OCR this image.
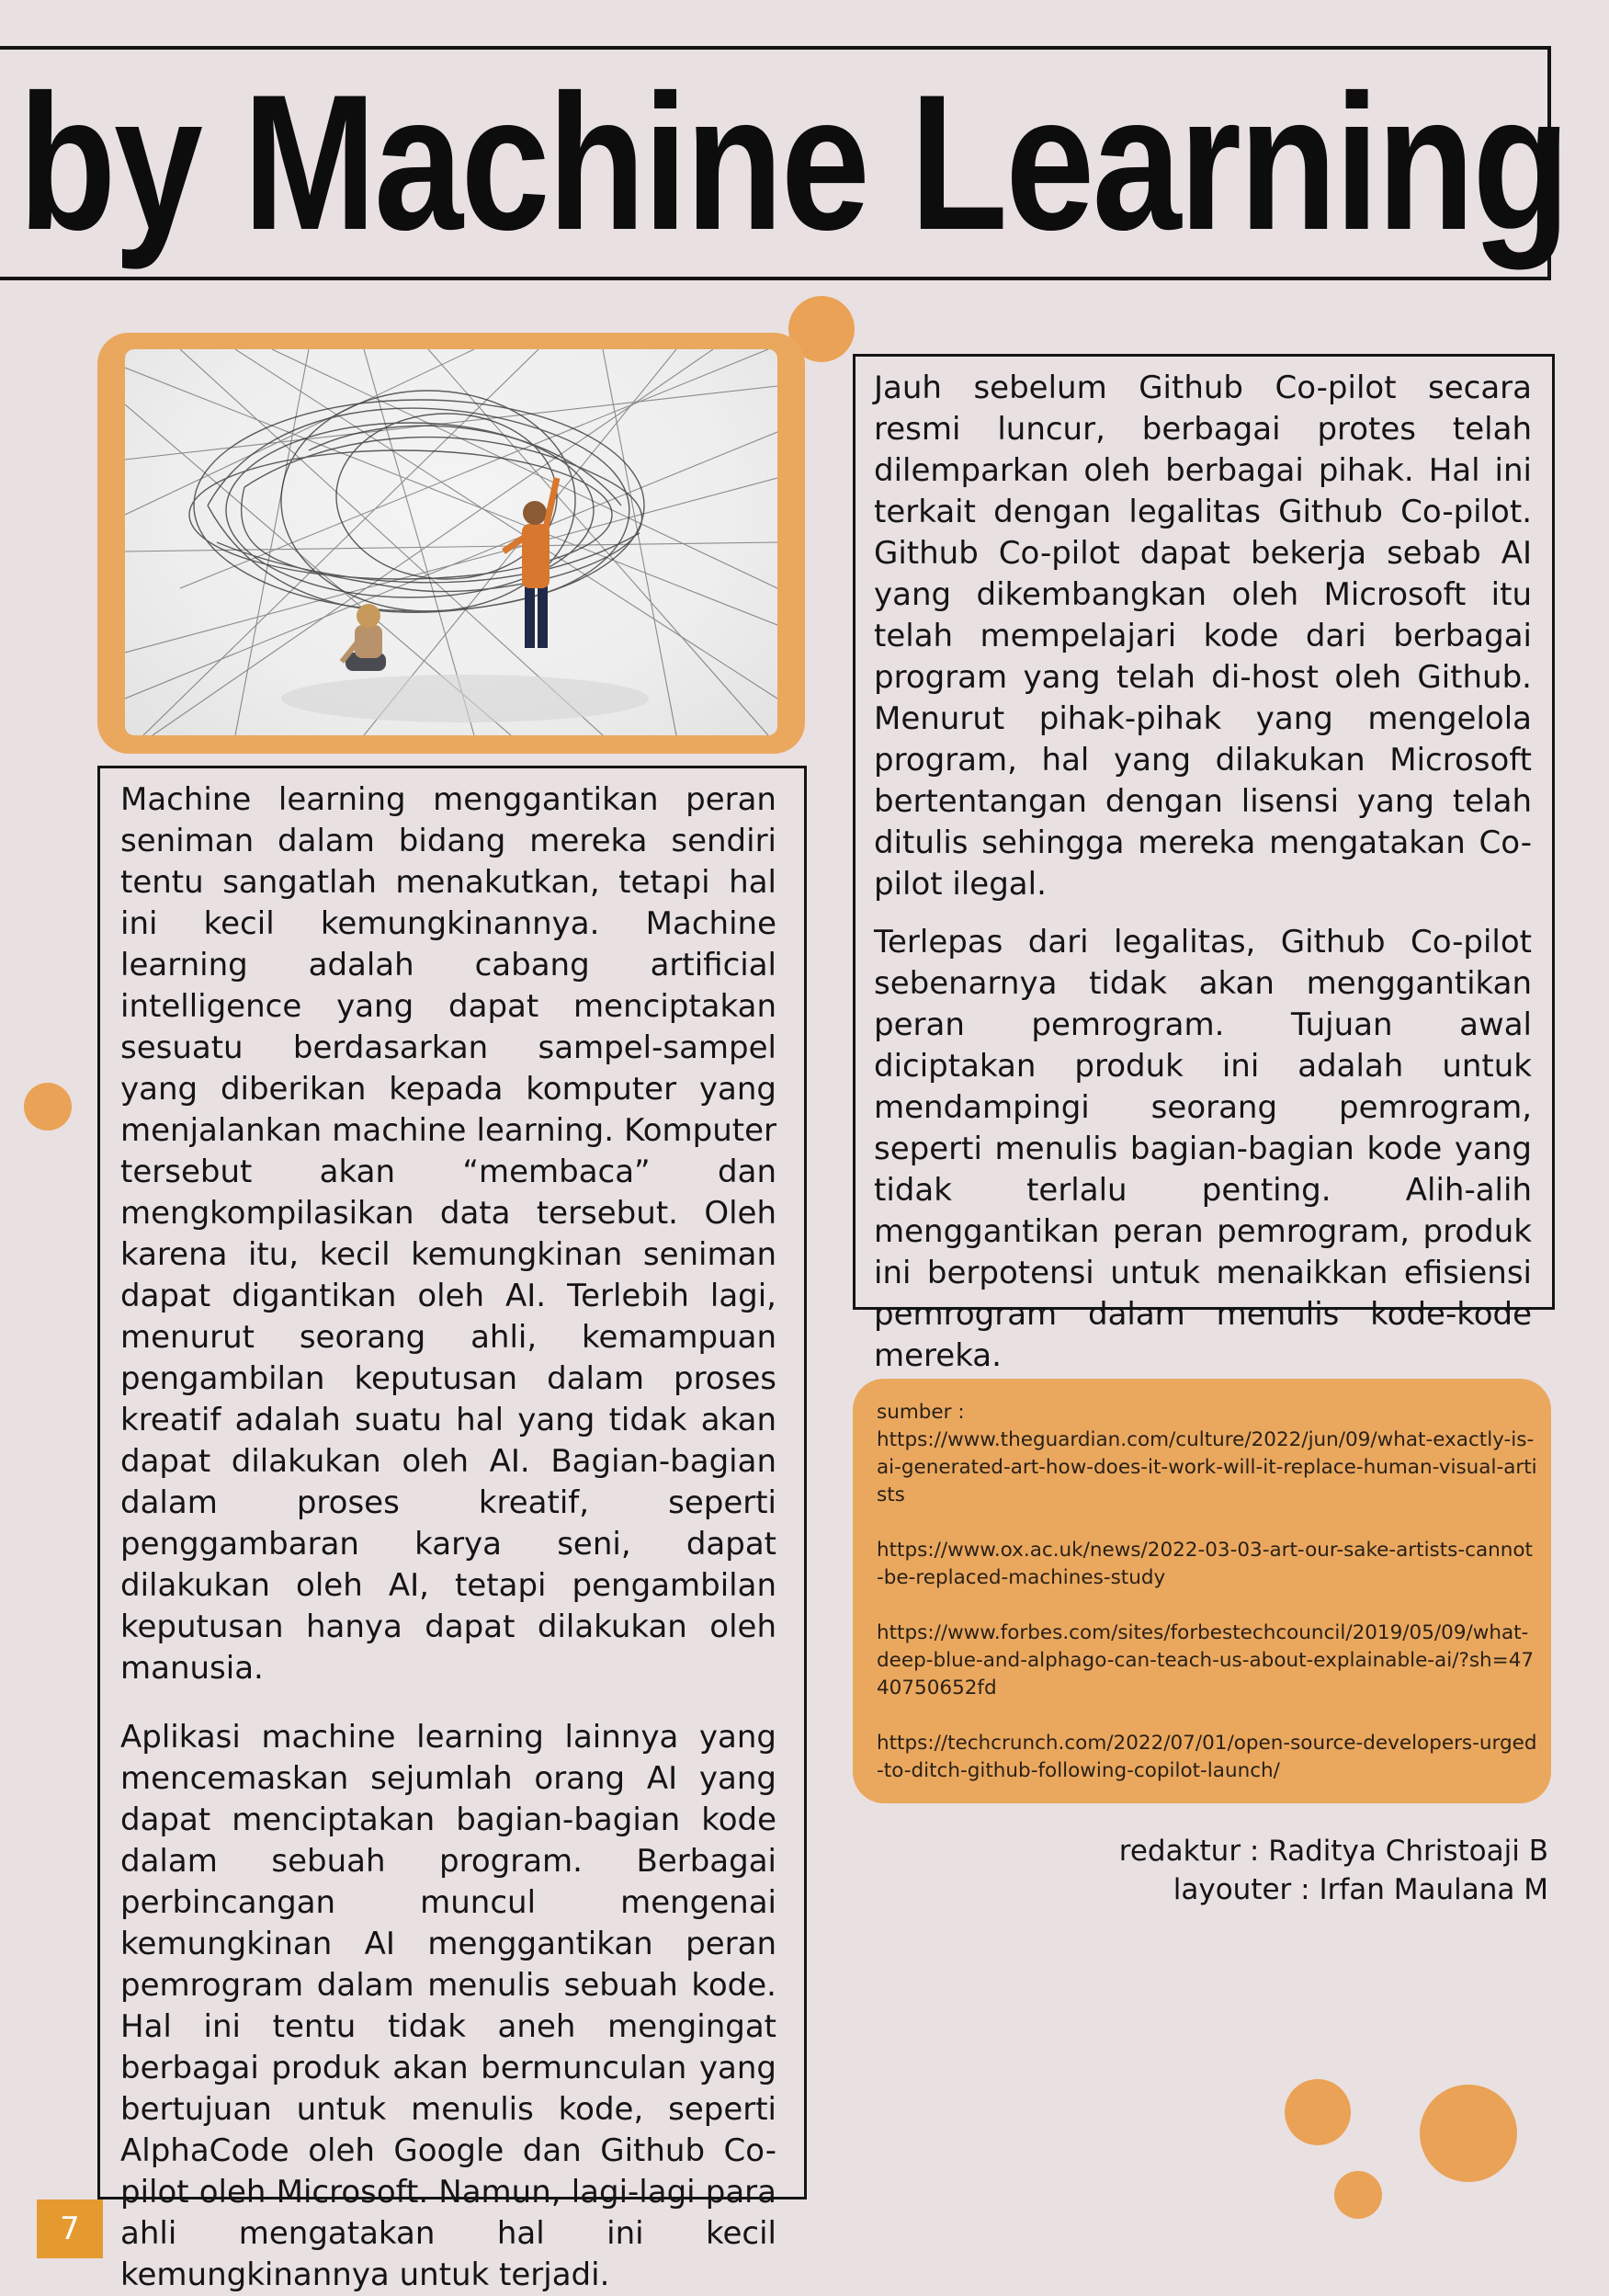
by Machine Learning

Machine learning menggantikan peran seniman dalam bidang mereka sendiri tentu sangatlah menakutkan, tetapi hal ini kecil kemungkinannya. Machine learning adalah cabang artificial intelligence yang dapat menciptakan sesuatu berdasarkan sampel-sampel yang diberikan kepada komputer yang menjalankan machine learning. Komputer tersebut akan “membaca” dan mengkompilasikan data tersebut. Oleh karena itu, kecil kemungkinan seniman dapat digantikan oleh AI. Terlebih lagi, menurut seorang ahli, kemampuan pengambilan keputusan dalam proses kreatif adalah suatu hal yang tidak akan dapat dilakukan oleh AI. Bagian-bagian dalam proses kreatif, seperti penggambaran karya seni, dapat dilakukan oleh AI, tetapi pengambilan keputusan hanya dapat dilakukan oleh manusia.

Aplikasi machine learning lainnya yang mencemaskan sejumlah orang AI yang dapat menciptakan bagian-bagian kode dalam sebuah program. Berbagai perbincangan muncul mengenai kemungkinan AI menggantikan peran pemrogram dalam menulis sebuah kode. Hal ini tentu tidak aneh mengingat berbagai produk akan bermunculan yang bertujuan untuk menulis kode, seperti AlphaCode oleh Google dan Github Co-pilot oleh Microsoft. Namun, lagi-lagi para ahli mengatakan hal ini kecil kemungkinannya untuk terjadi.

Jauh sebelum Github Co-pilot secara resmi luncur, berbagai protes telah dilemparkan oleh berbagai pihak. Hal ini terkait dengan legalitas Github Co-pilot. Github Co-pilot dapat bekerja sebab AI yang dikembangkan oleh Microsoft itu telah mempelajari kode dari berbagai program yang telah di-host oleh Github. Menurut pihak-pihak yang mengelola program, hal yang dilakukan Microsoft bertentangan dengan lisensi yang telah ditulis sehingga mereka mengatakan Co-pilot ilegal.

Terlepas dari legalitas, Github Co-pilot sebenarnya tidak akan menggantikan peran pemrogram. Tujuan awal diciptakan produk ini adalah untuk mendampingi seorang pemrogram, seperti menulis bagian-bagian kode yang tidak terlalu penting. Alih-alih menggantikan peran pemrogram, produk ini berpotensi untuk menaikkan efisiensi pemrogram dalam menulis kode-kode mereka.

sumber :

https://www.theguardian.com/culture/2022/jun/09/what-exactly-is-ai-generated-art-how-does-it-work-will-it-replace-human-visual-artists

https://www.ox.ac.uk/news/2022-03-03-art-our-sake-artists-cannot-be-replaced-machines-study

https://www.forbes.com/sites/forbestechcouncil/2019/05/09/what-deep-blue-and-alphago-can-teach-us-about-explainable-ai/?sh=4740750652fd

https://techcrunch.com/2022/07/01/open-source-developers-urged-to-ditch-github-following-copilot-launch/

redaktur : Raditya Christoaji B
layouter : Irfan Maulana M
7
